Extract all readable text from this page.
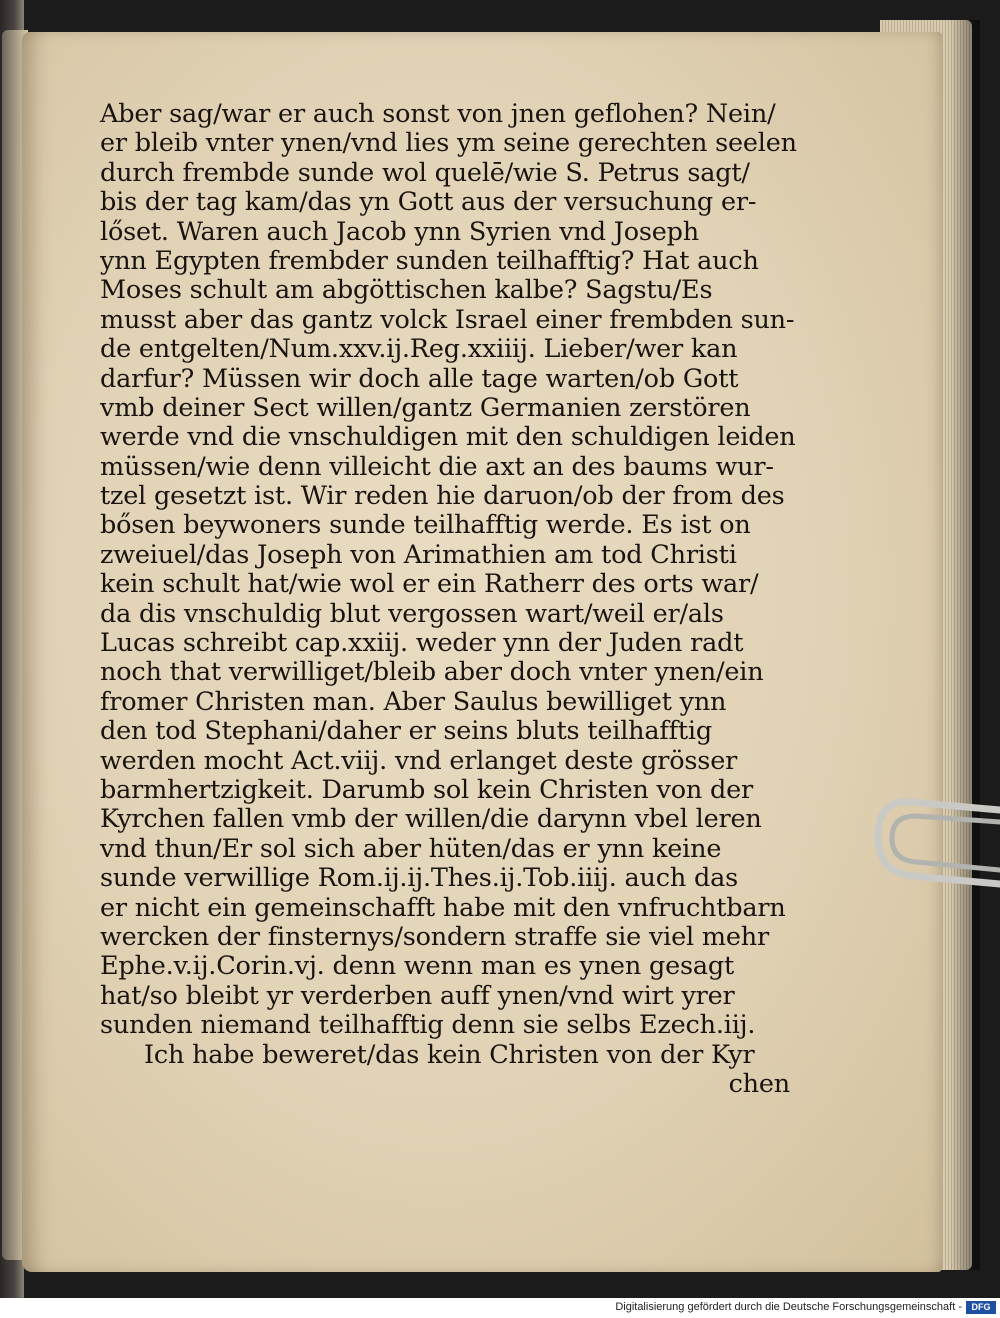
Aber sag/war er auch sonst von jnen geflohen? Nein/
er bleib vnter ynen/vnd lies ym seine gerechten seelen
durch frembde sunde wol quelē/wie S. Petrus sagt/
bis der tag kam/das yn Gott aus der versuchung er-
lőset. Waren auch Jacob ynn Syrien vnd Joseph
ynn Egypten frembder sunden teilhafftig? Hat auch
Moses schult am abgöttischen kalbe? Sagstu/Es
musst aber das gantz volck Israel einer frembden sun-
de entgelten/Num.xxv.ij.Reg.xxiiij. Lieber/wer kan
darfur? Müssen wir doch alle tage warten/ob Gott
vmb deiner Sect willen/gantz Germanien zerstören
werde vnd die vnschuldigen mit den schuldigen leiden
müssen/wie denn villeicht die axt an des baums wur-
tzel gesetzt ist. Wir reden hie daruon/ob der from des
bősen beywoners sunde teilhafftig werde. Es ist on
zweiuel/das Joseph von Arimathien am tod Christi
kein schult hat/wie wol er ein Ratherr des orts war/
da dis vnschuldig blut vergossen wart/weil er/als
Lucas schreibt cap.xxiij. weder ynn der Juden radt
noch that verwilliget/bleib aber doch vnter ynen/ein
fromer Christen man. Aber Saulus bewilliget ynn
den tod Stephani/daher er seins bluts teilhafftig
werden mocht Act.viij. vnd erlanget deste grösser
barmhertzigkeit. Darumb sol kein Christen von der
Kyrchen fallen vmb der willen/die darynn vbel leren
vnd thun/Er sol sich aber hüten/das er ynn keine
sunde verwillige Rom.ij.ij.Thes.ij.Tob.iiij. auch das
er nicht ein gemeinschafft habe mit den vnfruchtbarn
wercken der finsternys/sondern straffe sie viel mehr
Ephe.v.ij.Corin.vj. denn wenn man es ynen gesagt
hat/so bleibt yr verderben auff ynen/vnd wirt yrer
sunden niemand teilhafftig denn sie selbs Ezech.iij.
Ich habe beweret/das kein Christen von der Kyr
chen
Digitalisierung gefördert durch die Deutsche Forschungsgemeinschaft -	DFG
